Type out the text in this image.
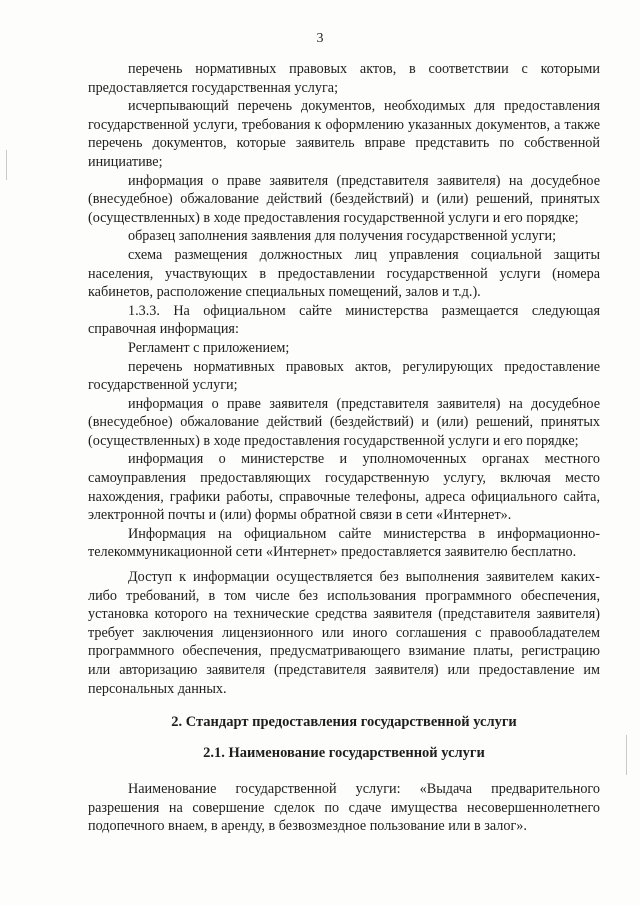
3

перечень нормативных правовых актов, в соответствии с которыми предоставляется государственная услуга;

исчерпывающий перечень документов, необходимых для предоставления государственной услуги, требования к оформлению указанных документов, а также перечень документов, которые заявитель вправе представить по собственной инициативе;

информация о праве заявителя (представителя заявителя) на досудебное (внесудебное) обжалование действий (бездействий) и (или) решений, принятых (осуществленных) в ходе предоставления государственной услуги и его порядке;

образец заполнения заявления для получения государственной услуги;

схема размещения должностных лиц управления социальной защиты населения, участвующих в предоставлении государственной услуги (номера кабинетов, расположение специальных помещений, залов и т.д.).

1.3.3. На официальном сайте министерства размещается следующая справочная информация:

Регламент с приложением;

перечень нормативных правовых актов, регулирующих предоставление государственной услуги;

информация о праве заявителя (представителя заявителя) на досудебное (внесудебное) обжалование действий (бездействий) и (или) решений, принятых (осуществленных) в ходе предоставления государственной услуги и его порядке;

информация о министерстве и уполномоченных органах местного самоуправления предоставляющих государственную услугу, включая место нахождения, графики работы, справочные телефоны, адреса официального сайта, электронной почты и (или) формы обратной связи в сети «Интернет».

Информация на официальном сайте министерства в информационно-телекоммуникационной сети «Интернет» предоставляется заявителю бесплатно.

Доступ к информации осуществляется без выполнения заявителем каких-либо требований, в том числе без использования программного обеспечения, установка которого на технические средства заявителя (представителя заявителя) требует заключения лицензионного или иного соглашения с правообладателем программного обеспечения, предусматривающего взимание платы, регистрацию или авторизацию заявителя (представителя заявителя) или предоставление им персональных данных.

2. Стандарт предоставления государственной услуги
2.1. Наименование государственной услуги

Наименование государственной услуги: «Выдача предварительного разрешения на совершение сделок по сдаче имущества несовершеннолетнего подопечного внаем, в аренду, в безвозмездное пользование или в залог».
